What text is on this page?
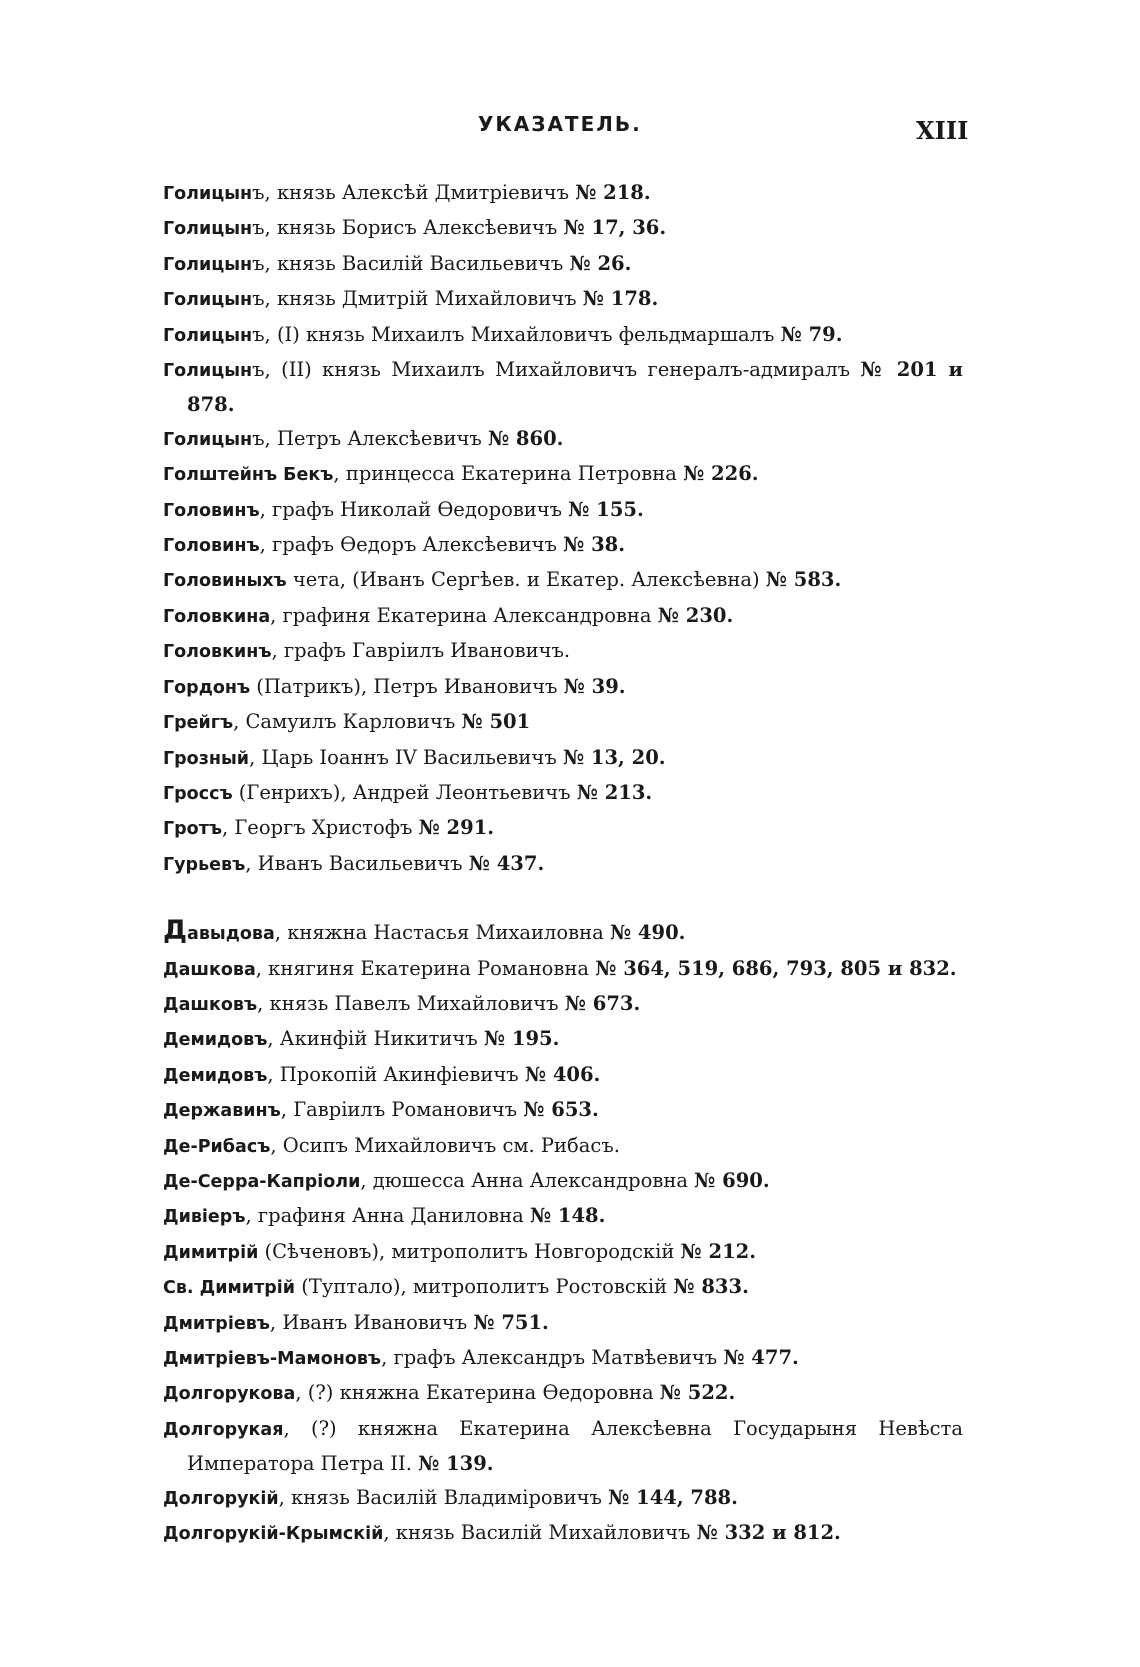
УКАЗАТЕЛЬ.	XIII
Голицынъ, князь Алексѣй Дмитріевичъ № 218.
Голицынъ, князь Борисъ Алексѣевичъ № 17, 36.
Голицынъ, князь Василій Васильевичъ № 26.
Голицынъ, князь Дмитрій Михайловичъ № 178.
Голицынъ, (I) князь Михаилъ Михайловичъ фельдмаршалъ № 79.
Голицынъ, (II) князь Михаилъ Михайловичъ генералъ-адмиралъ № 201 и 878.
Голицынъ, Петръ Алексѣевичъ № 860.
Голштейнъ Бекъ, принцесса Екатерина Петровна № 226.
Головинъ, графъ Николай Ѳедоровичъ № 155.
Головинъ, графъ Ѳедоръ Алексѣевичъ № 38.
Головиныхъ чета, (Иванъ Сергѣев. и Екатер. Алексѣевна) № 583.
Головкина, графиня Екатерина Александровна № 230.
Головкинъ, графъ Гавріилъ Ивановичъ.
Гордонъ (Патрикъ), Петръ Ивановичъ № 39.
Грейгъ, Самуилъ Карловичъ № 501
Грозный, Царь Іоаннъ IV Васильевичъ № 13, 20.
Гроссъ (Генрихъ), Андрей Леонтьевичъ № 213.
Гротъ, Георгъ Христофъ № 291.
Гурьевъ, Иванъ Васильевичъ № 437.
Давыдова, княжна Настасья Михаиловна № 490.
Дашкова, княгиня Екатерина Романовна № 364, 519, 686, 793, 805 и 832.
Дашковъ, князь Павелъ Михайловичъ № 673.
Демидовъ, Акинфій Никитичъ № 195.
Демидовъ, Прокопій Акинфіевичъ № 406.
Державинъ, Гавріилъ Романовичъ № 653.
Де-Рибасъ, Осипъ Михайловичъ см. Рибасъ.
Де-Серра-Капріоли, дюшесса Анна Александровна № 690.
Дивіеръ, графиня Анна Даниловна № 148.
Димитрій (Сѣченовъ), митрополитъ Новгородскій № 212.
Св. Димитрій (Туптало), митрополитъ Ростовскій № 833.
Дмитріевъ, Иванъ Ивановичъ № 751.
Дмитріевъ-Мамоновъ, графъ Александръ Матвѣевичъ № 477.
Долгорукова, (?) княжна Екатерина Ѳедоровна № 522.
Долгорукая, (?) княжна Екатерина Алексѣевна Государыня Невѣста Императора Петра II. № 139.
Долгорукій, князь Василій Владиміровичъ № 144, 788.
Долгорукій-Крымскій, князь Василій Михайловичъ № 332 и 812.
